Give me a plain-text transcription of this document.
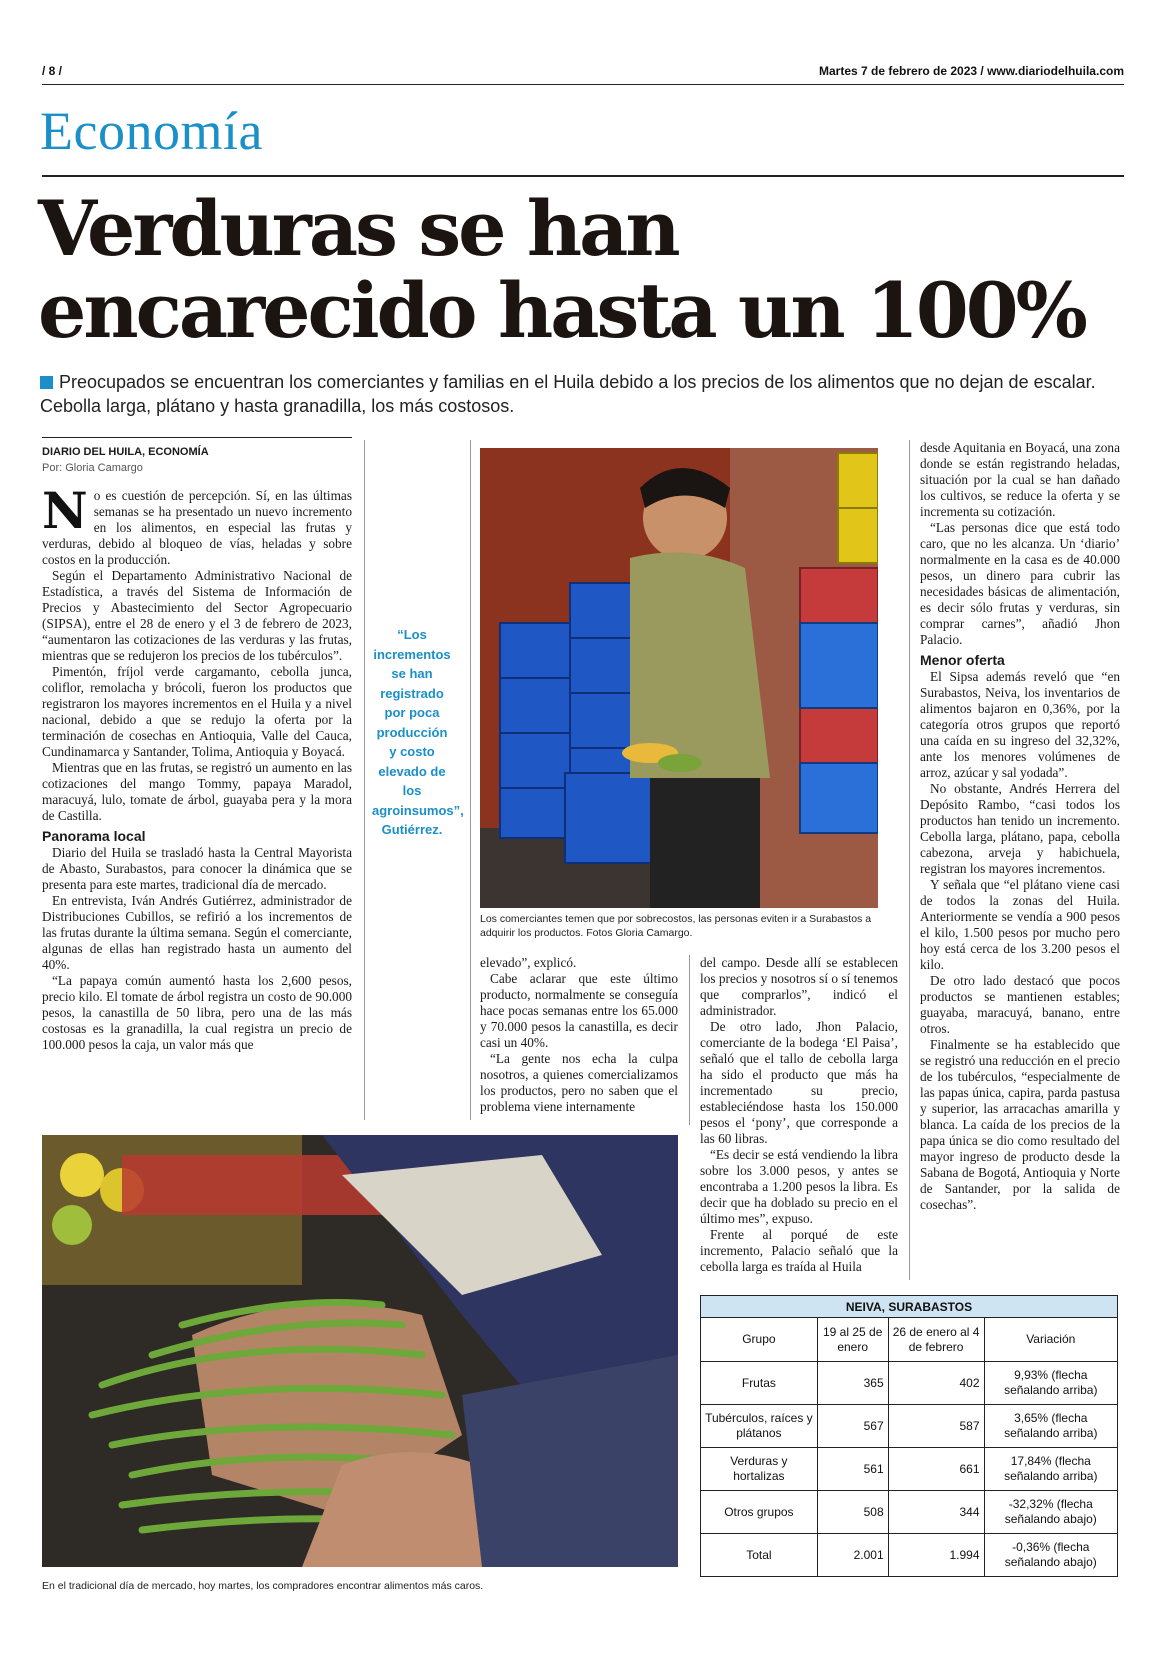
/ 8 /	Martes 7 de febrero de 2023 / www.diariodelhuila.com
Economía
Verduras se han
encarecido hasta un 100%
Preocupados se encuentran los comerciantes y familias en el Huila debido a los precios de los alimentos que no dejan de escalar. Cebolla larga, plátano y hasta granadilla, los más costosos.
DIARIO DEL HUILA, ECONOMÍA
Por: Gloria Camargo
N o es cuestión de percepción. Sí, en las últimas semanas se ha presentado un nuevo incremento en los alimentos, en especial las frutas y verduras, debido al bloqueo de vías, heladas y sobre costos en la producción.

Según el Departamento Administrativo Nacional de Estadística, a través del Sistema de Información de Precios y Abastecimiento del Sector Agropecuario (SIPSA), entre el 28 de enero y el 3 de febrero de 2023, “aumentaron las cotizaciones de las verduras y las frutas, mientras que se redujeron los precios de los tubérculos”.

Pimentón, fríjol verde cargamanto, cebolla junca, coliflor, remolacha y brócoli, fueron los productos que registraron los mayores incrementos en el Huila y a nivel nacional, debido a que se redujo la oferta por la terminación de cosechas en Antioquia, Valle del Cauca, Cundinamarca y Santander, Tolima, Antioquia y Boyacá.

Mientras que en las frutas, se registró un aumento en las cotizaciones del mango Tommy, papaya Maradol, maracuyá, lulo, tomate de árbol, guayaba pera y la mora de Castilla.

Panorama local

Diario del Huila se trasladó hasta la Central Mayorista de Abasto, Surabastos, para conocer la dinámica que se presenta para este martes, tradicional día de mercado.

En entrevista, Iván Andrés Gutiérrez, administrador de Distribuciones Cubillos, se refirió a los incrementos de las frutas durante la última semana. Según el comerciante, algunas de ellas han registrado hasta un aumento del 40%.

“La papaya común aumentó hasta los 2,600 pesos, precio kilo. El tomate de árbol registra un costo de 90.000 pesos, la canastilla de 50 libra, pero una de las más costosas es la granadilla, la cual registra un precio de 100.000 pesos la caja, un valor más que

“Los incrementos se han registrado por poca producción y costo elevado de los agroinsumos”, Gutiérrez.
Los comerciantes temen que por sobrecostos, las personas eviten ir a Surabastos a adquirir los productos. Fotos Gloria Camargo.

elevado”, explicó.

Cabe aclarar que este último producto, normalmente se conseguía hace pocas semanas entre los 65.000 y 70.000 pesos la canastilla, es decir casi un 40%.

“La gente nos echa la culpa nosotros, a quienes comercializamos los productos, pero no saben que el problema viene internamente

del campo. Desde allí se establecen los precios y nosotros sí o sí tenemos que comprarlos”, indicó el administrador.

De otro lado, Jhon Palacio, comerciante de la bodega ‘El Paisa’, señaló que el tallo de cebolla larga ha sido el producto que más ha incrementado su precio, estableciéndose hasta los 150.000 pesos el ‘pony’, que corresponde a las 60 libras.

“Es decir se está vendiendo la libra sobre los 3.000 pesos, y antes se encontraba a 1.200 pesos la libra. Es decir que ha doblado su precio en el último mes”, expuso.

Frente al porqué de este incremento, Palacio señaló que la cebolla larga es traída al Huila

desde Aquitania en Boyacá, una zona donde se están registrando heladas, situación por la cual se han dañado los cultivos, se reduce la oferta y se incrementa su cotización.

“Las personas dice que está todo caro, que no les alcanza. Un ‘diario’ normalmente en la casa es de 40.000 pesos, un dinero para cubrir las necesidades básicas de alimentación, es decir sólo frutas y verduras, sin comprar carnes”, añadió Jhon Palacio.

Menor oferta

El Sipsa además reveló que “en Surabastos, Neiva, los inventarios de alimentos bajaron en 0,36%, por la categoría otros grupos que reportó una caída en su ingreso del 32,32%, ante los menores volúmenes de arroz, azúcar y sal yodada”.

No obstante, Andrés Herrera del Depósito Rambo, “casi todos los productos han tenido un incremento. Cebolla larga, plátano, papa, cebolla cabezona, arveja y habichuela, registran los mayores incrementos.

Y señala que “el plátano viene casi de todos la zonas del Huila. Anteriormente se vendía a 900 pesos el kilo, 1.500 pesos por mucho pero hoy está cerca de los 3.200 pesos el kilo.

De otro lado destacó que pocos productos se mantienen estables; guayaba, maracuyá, banano, entre otros.

Finalmente se ha establecido que se registró una reducción en el precio de los tubérculos, “especialmente de las papas única, capira, parda pastusa y superior, las arracachas amarilla y blanca. La caída de los precios de la papa única se dio como resultado del mayor ingreso de producto desde la Sabana de Bogotá, Antioquia y Norte de Santander, por la salida de cosechas”.

En el tradicional día de mercado, hoy martes, los compradores encontrar alimentos más caros.
NEIVA, SURABASTOS			
Grupo	19 al 25 de enero	26 de enero al 4 de febrero	Variación
Frutas	365	402	9,93% (flecha señalando arriba)
Tubérculos, raíces y plátanos	567	587	3,65% (flecha señalando arriba)
Verduras y hortalizas	561	661	17,84% (flecha señalando arriba)
Otros grupos	508	344	-32,32% (flecha señalando abajo)
Total	2.001	1.994	-0,36% (flecha señalando abajo)
